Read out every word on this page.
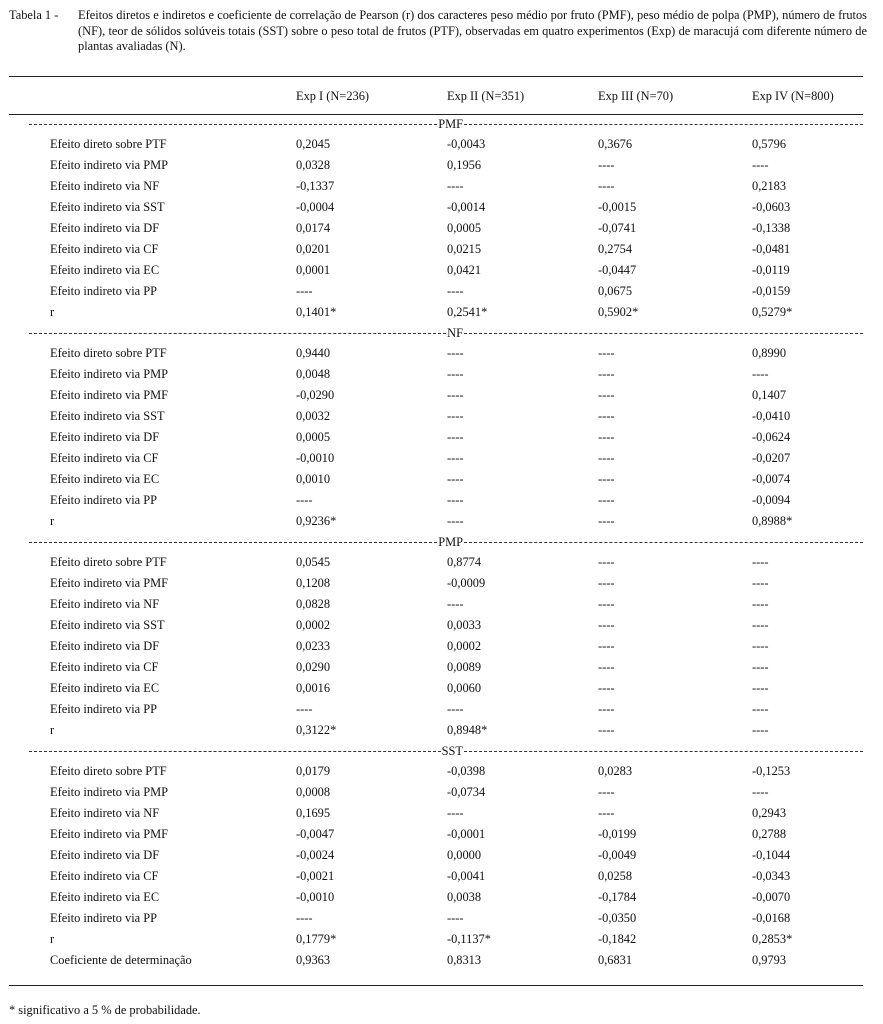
Tabela 1 - Efeitos diretos e indiretos e coeficiente de correlação de Pearson (r) dos caracteres peso médio por fruto (PMF), peso médio de polpa (PMP), número de frutos (NF), teor de sólidos solúveis totais (SST) sobre o peso total de frutos (PTF), observadas em quatro experimentos (Exp) de maracujá com diferente número de plantas avaliadas (N).
	Exp I (N=236)	Exp II (N=351)	Exp III (N=70)	Exp IV (N=800)

PMF				

Efeito direto sobre PTF	0,2045	-0,0043	0,3676	0,5796
Efeito indireto via PMP	0,0328	0,1956	----	----
Efeito indireto via NF	-0,1337	----	----	0,2183
Efeito indireto via SST	-0,0004	-0,0014	-0,0015	-0,0603
Efeito indireto via DF	0,0174	0,0005	-0,0741	-0,1338
Efeito indireto via CF	0,0201	0,0215	0,2754	-0,0481
Efeito indireto via EC	0,0001	0,0421	-0,0447	-0,0119
Efeito indireto via PP	----	----	0,0675	-0,0159
r	0,1401*	0,2541*	0,5902*	0,5279*

NF				

Efeito direto sobre PTF	0,9440	----	----	0,8990
Efeito indireto via PMP	0,0048	----	----	----
Efeito indireto via PMF	-0,0290	----	----	0,1407
Efeito indireto via SST	0,0032	----	----	-0,0410
Efeito indireto via DF	0,0005	----	----	-0,0624
Efeito indireto via CF	-0,0010	----	----	-0,0207
Efeito indireto via EC	0,0010	----	----	-0,0074
Efeito indireto via PP	----	----	----	-0,0094
r	0,9236*	----	----	0,8988*

PMP				

Efeito direto sobre PTF	0,0545	0,8774	----	----
Efeito indireto via PMF	0,1208	-0,0009	----	----
Efeito indireto via NF	0,0828	----	----	----
Efeito indireto via SST	0,0002	0,0033	----	----
Efeito indireto via DF	0,0233	0,0002	----	----
Efeito indireto via CF	0,0290	0,0089	----	----
Efeito indireto via EC	0,0016	0,0060	----	----
Efeito indireto via PP	----	----	----	----
r	0,3122*	0,8948*	----	----

SST				

Efeito direto sobre PTF	0,0179	-0,0398	0,0283	-0,1253
Efeito indireto via PMP	0,0008	-0,0734	----	----
Efeito indireto via NF	0,1695	----	----	0,2943
Efeito indireto via PMF	-0,0047	-0,0001	-0,0199	0,2788
Efeito indireto via DF	-0,0024	0,0000	-0,0049	-0,1044
Efeito indireto via CF	-0,0021	-0,0041	0,0258	-0,0343
Efeito indireto via EC	-0,0010	0,0038	-0,1784	-0,0070
Efeito indireto via PP	----	----	-0,0350	-0,0168
r	0,1779*	-0,1137*	-0,1842	0,2853*
Coeficiente de determinação	0,9363	0,8313	0,6831	0,9793
* significativo a 5 % de probabilidade.
